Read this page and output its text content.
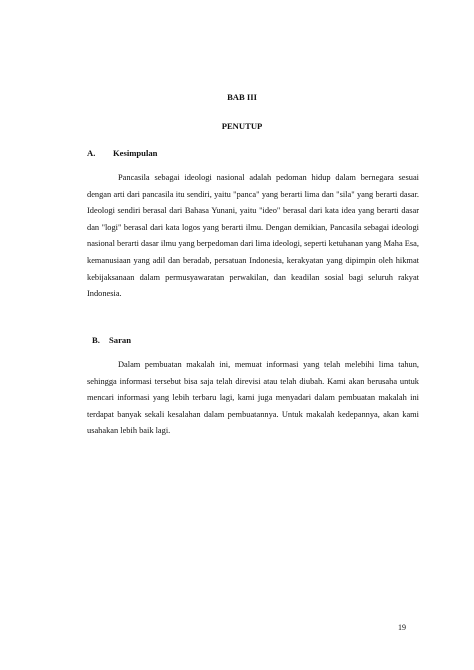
BAB III
PENUTUP
A. Kesimpulan

Pancasila sebagai ideologi nasional adalah pedoman hidup dalam bernegara sesuai dengan arti dari pancasila itu sendiri, yaitu "panca" yang berarti lima dan "sila" yang berarti dasar. Ideologi sendiri berasal dari Bahasa Yunani, yaitu "ideo" berasal dari kata idea yang berarti dasar dan "logi" berasal dari kata logos yang berarti ilmu. Dengan demikian, Pancasila sebagai ideologi nasional berarti dasar ilmu yang berpedoman dari lima ideologi, seperti ketuhanan yang Maha Esa, kemanusiaan yang adil dan beradab, persatuan Indonesia, kerakyatan yang dipimpin oleh hikmat kebijaksanaan dalam permusyawaratan perwakilan, dan keadilan sosial bagi seluruh rakyat Indonesia.

B. Saran

Dalam pembuatan makalah ini, memuat informasi yang telah melebihi lima tahun, sehingga informasi tersebut bisa saja telah direvisi atau telah diubah. Kami akan berusaha untuk mencari informasi yang lebih terbaru lagi, kami juga menyadari dalam pembuatan makalah ini terdapat banyak sekali kesalahan dalam pembuatannya. Untuk makalah kedepannya, akan kami usahakan lebih baik lagi.

19
